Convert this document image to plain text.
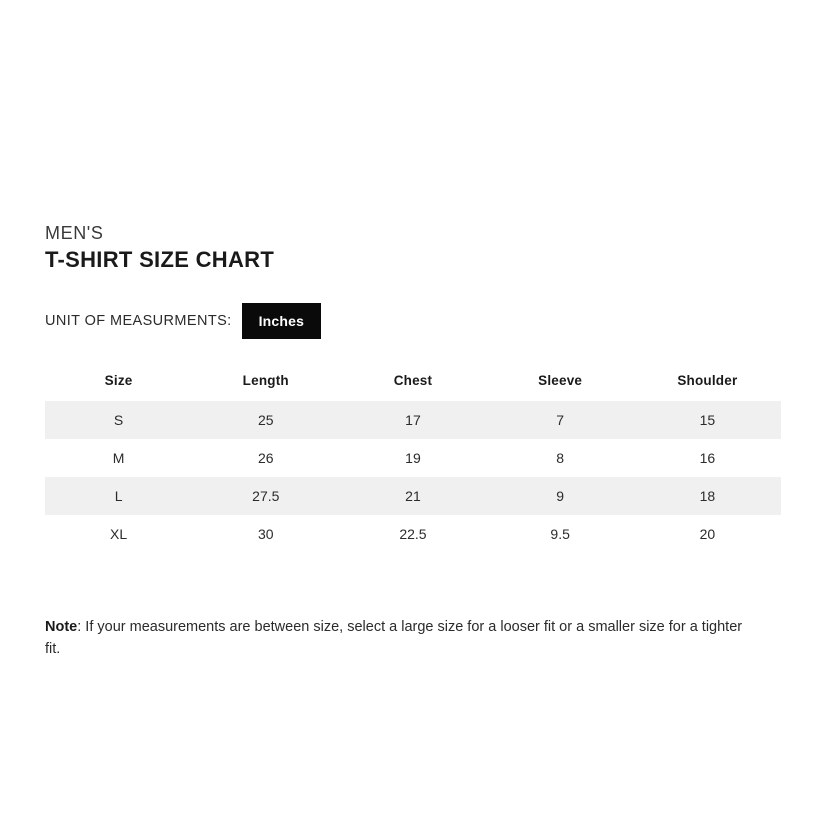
MEN'S
T-SHIRT SIZE CHART
UNIT OF MEASURMENTS:	Inches
Size	Length	Chest	Sleeve	Shoulder
S	25	17	7	15
M	26	19	8	16
L	27.5	21	9	18
XL	30	22.5	9.5	20
Note: If your measurements are between size, select a large size for a looser fit or a smaller size for a tighter fit.
